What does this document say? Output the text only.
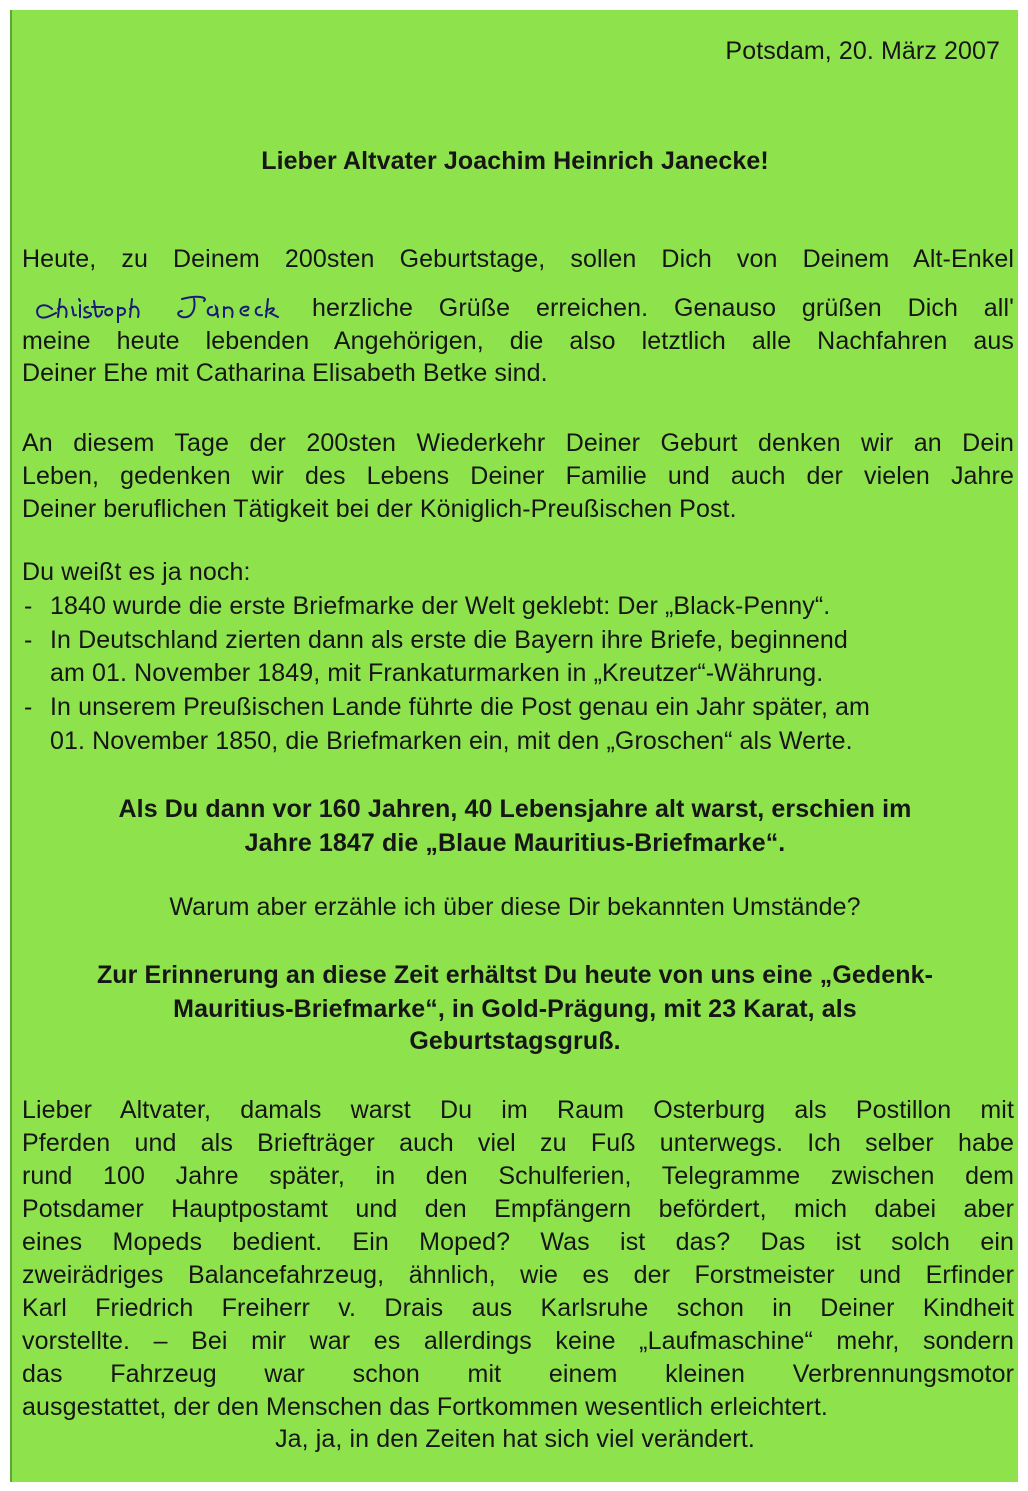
Potsdam, 20. März 2007
Lieber Altvater Joachim Heinrich Janecke!
Heute, zu Deinem 200sten Geburtstage, sollen Dich von Deinem Alt-Enkel
herzliche Grüße erreichen. Genauso grüßen Dich all'
meine heute lebenden Angehörigen, die also letztlich alle Nachfahren aus
Deiner Ehe mit Catharina Elisabeth Betke sind.
An diesem Tage der 200sten Wiederkehr Deiner Geburt denken wir an Dein
Leben, gedenken wir des Lebens Deiner Familie und auch der vielen Jahre
Deiner beruflichen Tätigkeit bei der Königlich-Preußischen Post.
Du weißt es ja noch:
- 1840 wurde die erste Briefmarke der Welt geklebt: Der „Black-Penny“.
- In Deutschland zierten dann als erste die Bayern ihre Briefe, beginnend
am 01. November 1849, mit Frankaturmarken in „Kreutzer“-Währung.
- In unserem Preußischen Lande führte die Post genau ein Jahr später, am
01. November 1850, die Briefmarken ein, mit den „Groschen“ als Werte.
Als Du dann vor 160 Jahren, 40 Lebensjahre alt warst, erschien im
Jahre 1847 die „Blaue Mauritius-Briefmarke“.
Warum aber erzähle ich über diese Dir bekannten Umstände?
Zur Erinnerung an diese Zeit erhältst Du heute von uns eine „Gedenk-
Mauritius-Briefmarke“, in Gold-Prägung, mit 23 Karat, als
Geburtstagsgruß.
Lieber Altvater, damals warst Du im Raum Osterburg als Postillon mit
Pferden und als Briefträger auch viel zu Fuß unterwegs. Ich selber habe
rund 100 Jahre später, in den Schulferien, Telegramme zwischen dem
Potsdamer Hauptpostamt und den Empfängern befördert, mich dabei aber
eines Mopeds bedient. Ein Moped? Was ist das? Das ist solch ein
zweirädriges Balancefahrzeug, ähnlich, wie es der Forstmeister und Erfinder
Karl Friedrich Freiherr v. Drais aus Karlsruhe schon in Deiner Kindheit
vorstellte. – Bei mir war es allerdings keine „Laufmaschine“ mehr, sondern
das Fahrzeug war schon mit einem kleinen Verbrennungsmotor
ausgestattet, der den Menschen das Fortkommen wesentlich erleichtert.
Ja, ja, in den Zeiten hat sich viel verändert.
